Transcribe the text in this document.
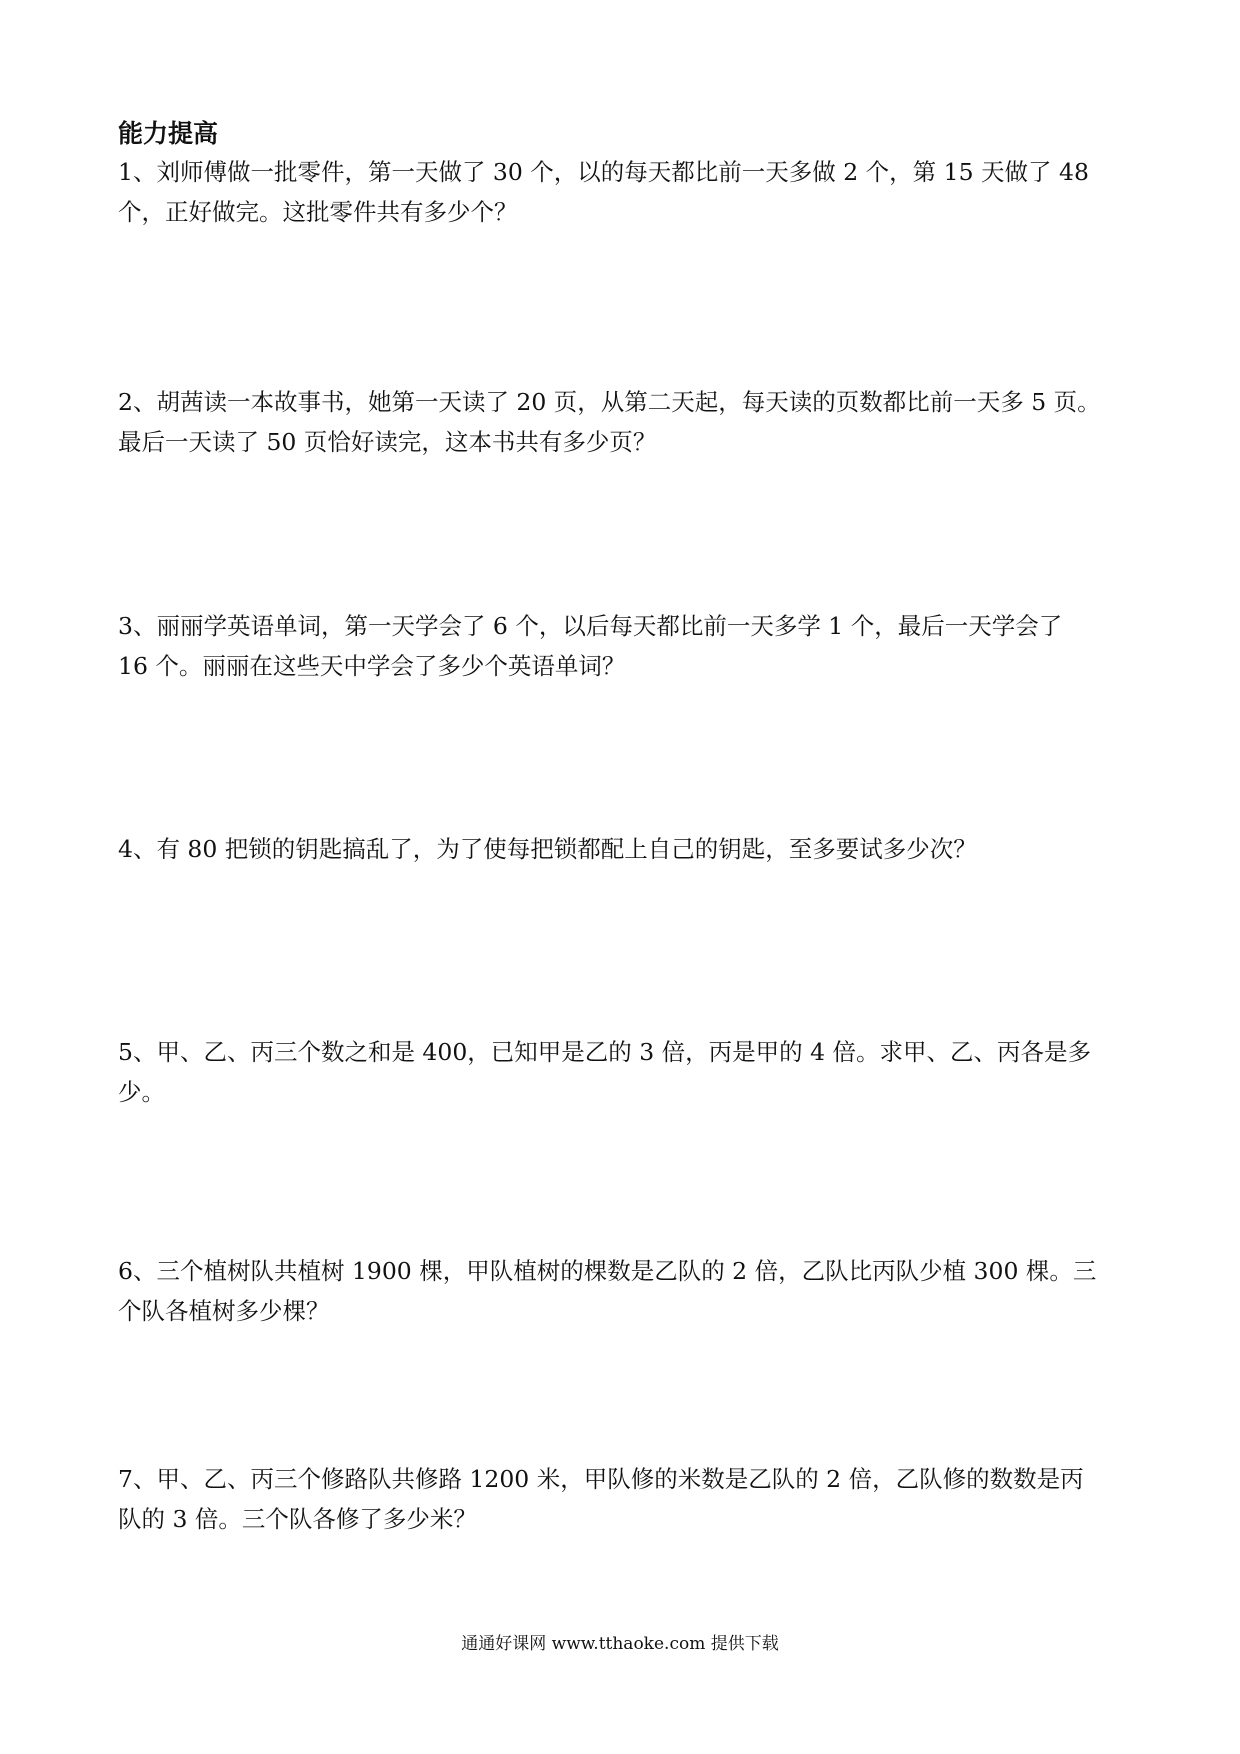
能力提高
1、刘师傅做一批零件，第一天做了 30 个，以的每天都比前一天多做 2 个，第 15 天做了 48
个，正好做完。这批零件共有多少个？
2、胡茜读一本故事书，她第一天读了 20 页，从第二天起，每天读的页数都比前一天多 5 页。
最后一天读了 50 页恰好读完，这本书共有多少页？
3、丽丽学英语单词，第一天学会了 6 个，以后每天都比前一天多学 1 个，最后一天学会了
16 个。丽丽在这些天中学会了多少个英语单词？
4、有 80 把锁的钥匙搞乱了，为了使每把锁都配上自己的钥匙，至多要试多少次？
5、甲、乙、丙三个数之和是 400，已知甲是乙的 3 倍，丙是甲的 4 倍。求甲、乙、丙各是多
少。
6、三个植树队共植树 1900 棵，甲队植树的棵数是乙队的 2 倍，乙队比丙队少植 300 棵。三
个队各植树多少棵？
7、甲、乙、丙三个修路队共修路 1200 米，甲队修的米数是乙队的 2 倍，乙队修的数数是丙
队的 3 倍。三个队各修了多少米？
通通好课网 www.tthaoke.com 提供下载
